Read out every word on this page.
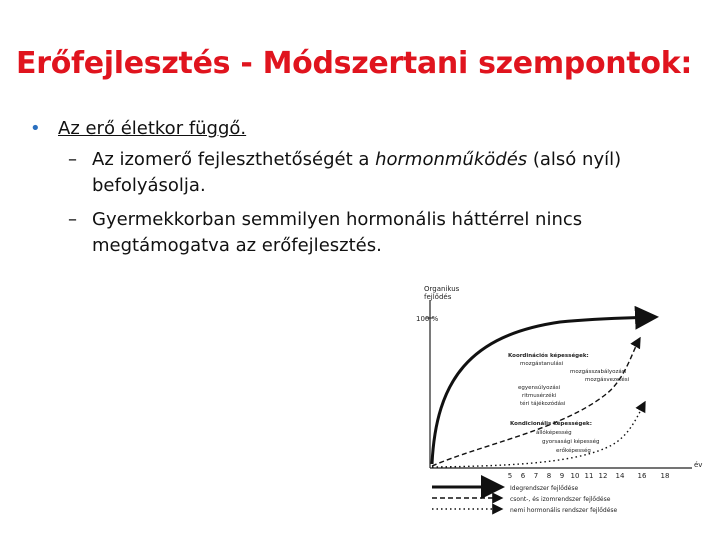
Erőfejlesztés - Módszertani szempontok:
• Az erő életkor függő.
– Az izomerő fejleszthetőségét a hormonműködés (alsó nyíl) befolyásolja.
– Gyermekkorban semmilyen hormonális háttérrel nincs megtámogatva az erőfejlesztés.
Organikus
fejlődés
100 %
év
5 6 7 8 9 10 11 12 14 16 18
Koordinációs képességek:
mozgástanulási
mozgásszabályozási
mozgásvezetési
egyensúlyozási
ritmusérzéki
téri tájékozódási
Kondicionális képességek:
állóképesség
gyorsasági képesség
erőképesség
Idegrendszer fejlődése
csont-, és izomrendszer fejlődése
nemi hormonális rendszer fejlődése
